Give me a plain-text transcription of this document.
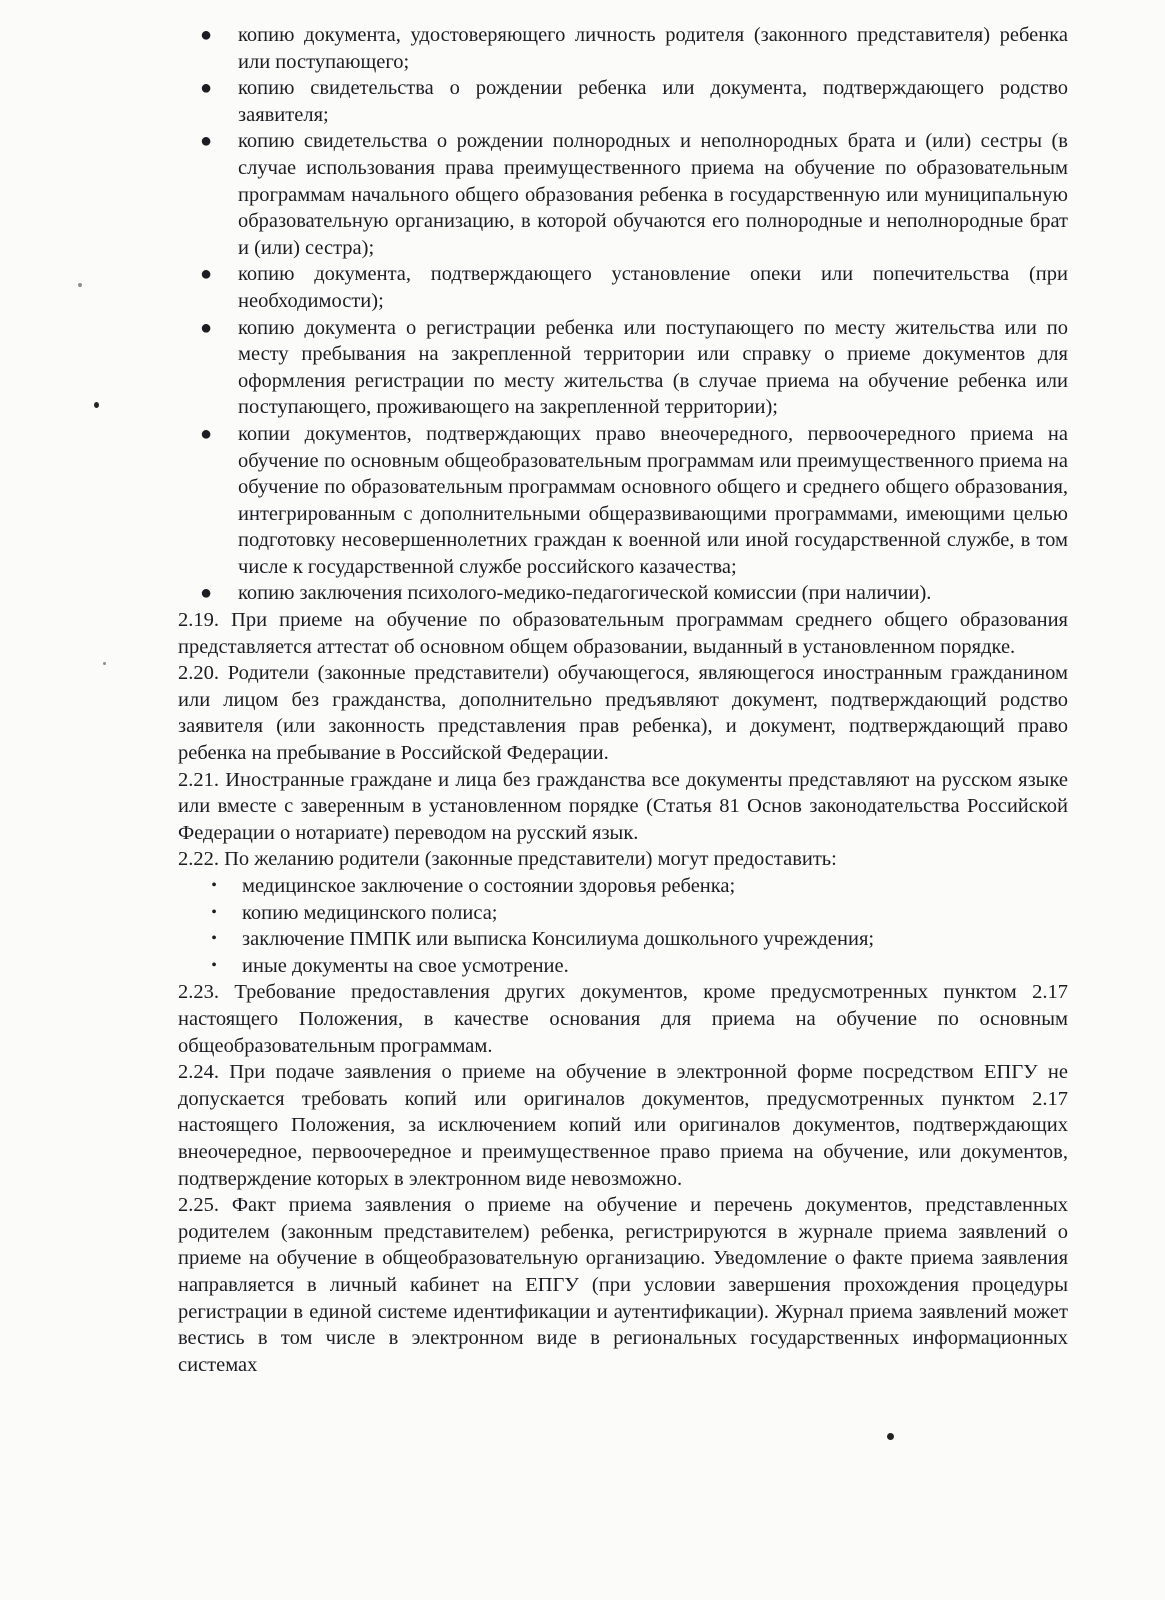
● копию документа, удостоверяющего личность родителя (законного представителя) ребенка или поступающего;
● копию свидетельства о рождении ребенка или документа, подтверждающего родство заявителя;
● копию свидетельства о рождении полнородных и неполнородных брата и (или) сестры (в случае использования права преимущественного приема на обучение по образовательным программам начального общего образования ребенка в государственную или муниципальную образовательную организацию, в которой обучаются его полнородные и неполнородные брат и (или) сестра);
● копию документа, подтверждающего установление опеки или попечительства (при необходимости);
● копию документа о регистрации ребенка или поступающего по месту жительства или по месту пребывания на закрепленной территории или справку о приеме документов для оформления регистрации по месту жительства (в случае приема на обучение ребенка или поступающего, проживающего на закрепленной территории);
● копии документов, подтверждающих право внеочередного, первоочередного приема на обучение по основным общеобразовательным программам или преимущественного приема на обучение по образовательным программам основного общего и среднего общего образования, интегрированным с дополнительными общеразвивающими программами, имеющими целью подготовку несовершеннолетних граждан к военной или иной государственной службе, в том числе к государственной службе российского казачества;
● копию заключения психолого-медико-педагогической комиссии (при наличии).

2.19. При приеме на обучение по образовательным программам среднего общего образования представляется аттестат об основном общем образовании, выданный в установленном порядке.

2.20. Родители (законные представители) обучающегося, являющегося иностранным гражданином или лицом без гражданства, дополнительно предъявляют документ, подтверждающий родство заявителя (или законность представления прав ребенка), и документ, подтверждающий право ребенка на пребывание в Российской Федерации.

2.21. Иностранные граждане и лица без гражданства все документы представляют на русском языке или вместе с заверенным в установленном порядке (Статья 81 Основ законодательства Российской Федерации о нотариате) переводом на русский язык.

2.22. По желанию родители (законные представители) могут предоставить:

• медицинское заключение о состоянии здоровья ребенка;
• копию медицинского полиса;
• заключение ПМПК или выписка Консилиума дошкольного учреждения;
• иные документы на свое усмотрение.

2.23. Требование предоставления других документов, кроме предусмотренных пунктом 2.17 настоящего Положения, в качестве основания для приема на обучение по основным общеобразовательным программам.

2.24. При подаче заявления о приеме на обучение в электронной форме посредством ЕПГУ не допускается требовать копий или оригиналов документов, предусмотренных пунктом 2.17 настоящего Положения, за исключением копий или оригиналов документов, подтверждающих внеочередное, первоочередное и преимущественное право приема на обучение, или документов, подтверждение которых в электронном виде невозможно.

2.25. Факт приема заявления о приеме на обучение и перечень документов, представленных родителем (законным представителем) ребенка, регистрируются в журнале приема заявлений о приеме на обучение в общеобразовательную организацию. Уведомление о факте приема заявления направляется в личный кабинет на ЕПГУ (при условии завершения прохождения процедуры регистрации в единой системе идентификации и аутентификации). Журнал приема заявлений может вестись в том числе в электронном виде в региональных государственных информационных системах
